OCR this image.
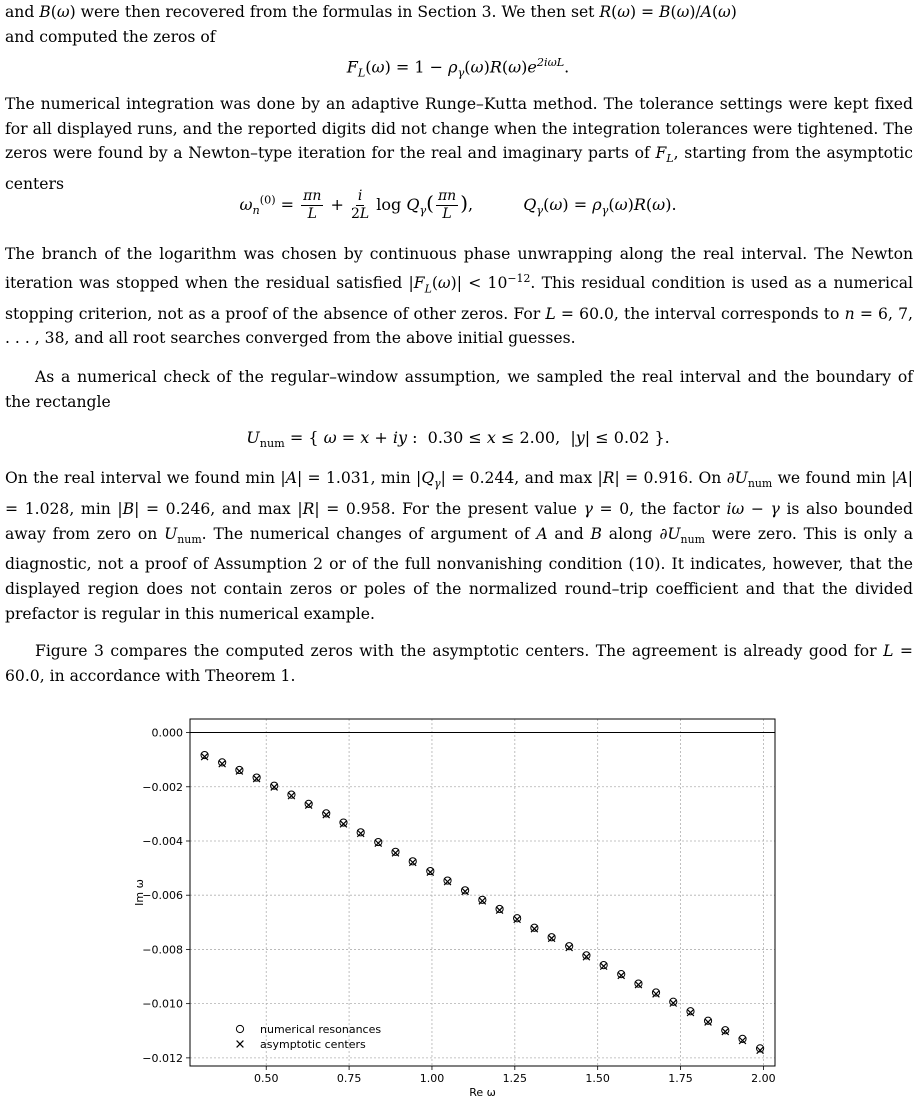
and B(ω) were then recovered from the formulas in Section 3. We then set R(ω) = B(ω)/A(ω)
and computed the zeros of

$F_L(\omega) = 1 - \rho_\gamma(\omega)R(\omega)e^{2i\omega L}$.

The numerical integration was done by an adaptive Runge–Kutta method. The tolerance settings were kept fixed for all displayed runs, and the reported digits did not change when the integration tolerances were tightened. The zeros were found by a Newton–type iteration for the real and imaginary parts of $F_L$, starting from the asymptotic centers

$\omega_n^{(0)} = \frac{\pi n}{L} + \frac{i}{2L}$ $\log Q_\gamma( \frac{\pi n}{L}$ ),	$Q_\gamma(\omega) = \rho_\gamma(\omega)R(\omega)$.

The branch of the logarithm was chosen by continuous phase unwrapping along the real interval. The Newton iteration was stopped when the residual satisfied $|F_L(\omega)| < 10^{-12}$. This residual condition is used as a numerical stopping criterion, not as a proof of the absence of other zeros. For L = 60.0, the interval corresponds to n = 6, 7, . . . , 38, and all root searches converged from the above initial guesses.

As a numerical check of the regular–window assumption, we sampled the real interval and the boundary of the rectangle

$U_{num}$ = { ω = x + iy :  0.30 ≤ x ≤ 2.00,  |y| ≤ 0.02 }.

On the real interval we found min |A| = 1.031, $\min |Q_\gamma| = 0.244$, and max |R| = 0.916. On $\partial U_{num}$ we found min |A| = 1.028, min |B| = 0.246, and max |R| = 0.958. For the present value γ = 0, the factor iω − γ is also bounded away from zero on $U_{num}$. The numerical changes of argument of A and B along $\partial U_{num}$ were zero. This is only a diagnostic, not a proof of Assumption 2 or of the full nonvanishing condition (10). It indicates, however, that the displayed region does not contain zeros or poles of the normalized round–trip coefficient and that the divided prefactor is regular in this numerical example.

Figure 3 compares the computed zeros with the asymptotic centers. The agreement is already good for L = 60.0, in accordance with Theorem 1.

0.50	0.75	1.00	1.25	1.50	1.75	2.00
0.000
−0.002
−0.004
−0.006
−0.008
−0.010
−0.012
Re ω
Im ω
numerical resonances
asymptotic centers
